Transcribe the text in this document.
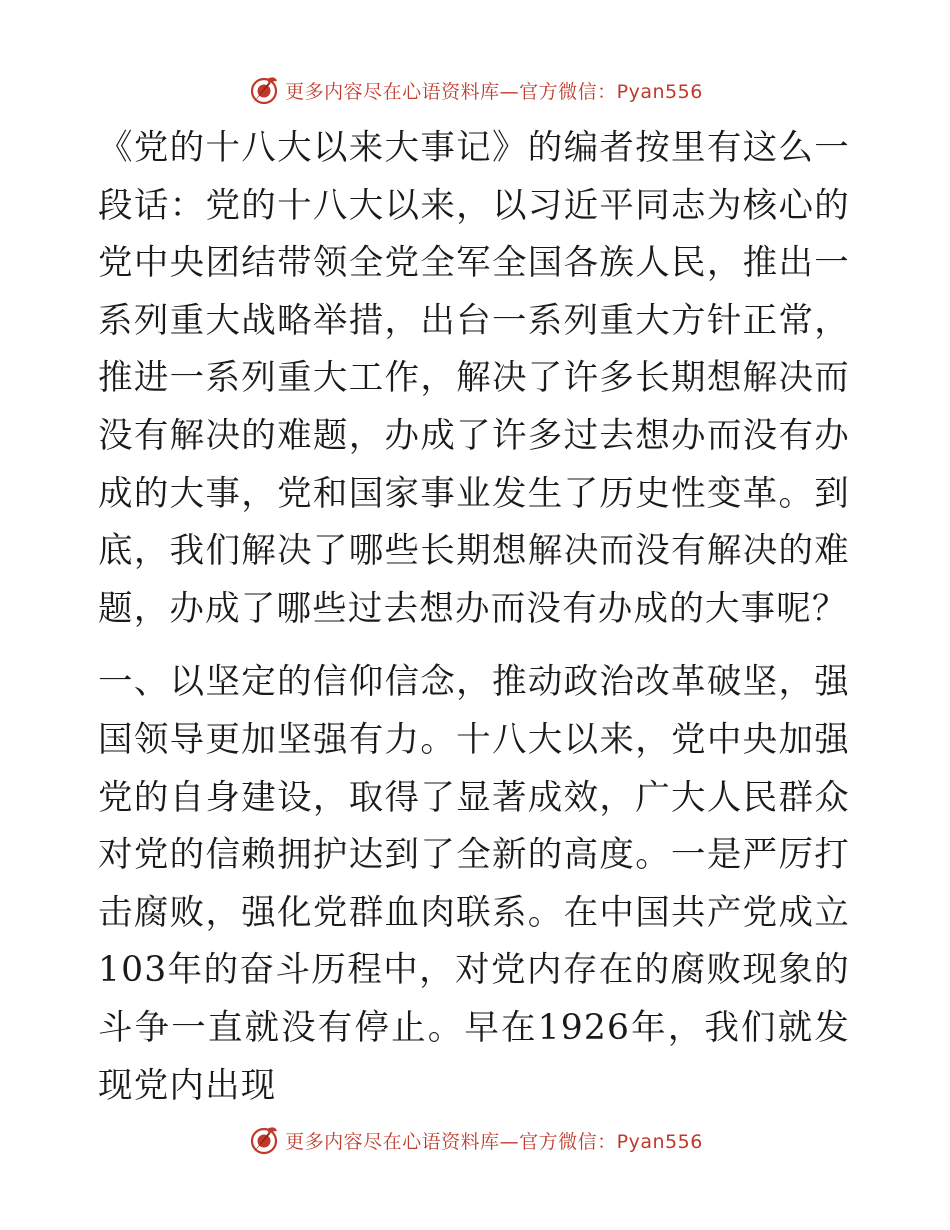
更多内容尽在心语资料库—官方微信：Pyan556

《党的十八大以来大事记》的编者按里有这么一段话：党的十八大以来，以习近平同志为核心的党中央团结带领全党全军全国各族人民，推出一系列重大战略举措，出台一系列重大方针正常，推进一系列重大工作，解决了许多长期想解决而没有解决的难题，办成了许多过去想办而没有办成的大事，党和国家事业发生了历史性变革。到底，我们解决了哪些长期想解决而没有解决的难题，办成了哪些过去想办而没有办成的大事呢？

一、以坚定的信仰信念，推动政治改革破坚，强国领导更加坚强有力。十八大以来，党中央加强党的自身建设，取得了显著成效，广大人民群众对党的信赖拥护达到了全新的高度。一是严厉打击腐败，强化党群血肉联系。在中国共产党成立103年的奋斗历程中，对党内存在的腐败现象的斗争一直就没有停止。早在1926年，我们就发现党内出现

更多内容尽在心语资料库—官方微信：Pyan556
